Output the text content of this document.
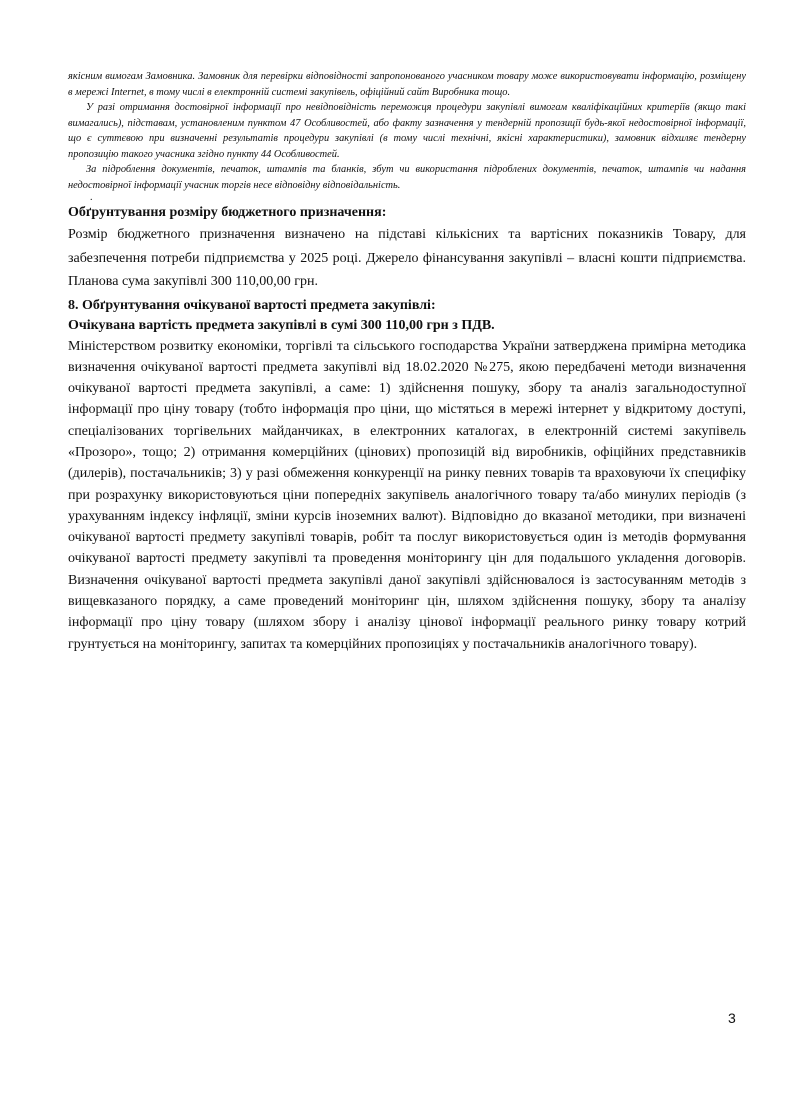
якісним вимогам Замовника. Замовник для перевірки відповідності запропонованого учасником товару може використовувати інформацію, розміщену в мережі Internet, в тому числі в електронній системі закупівель, офіційний сайт Виробника тощо.

У разі отримання достовірної інформації про невідповідність переможця процедури закупівлі вимогам кваліфікаційних критеріїв (якщо такі вимагались), підставам, установленим пунктом 47 Особливостей, або факту зазначення у тендерній пропозиції будь-якої недостовірної інформації, що є суттєвою при визначенні результатів процедури закупівлі (в тому числі технічні, якісні характеристики), замовник відхиляє тендерну пропозицію такого учасника згідно пункту 44 Особливостей.

За підроблення документів, печаток, штампів та бланків, збут чи використання підроблених документів, печаток, штампів чи надання недостовірної інформації учасник торгів несе відповідну відповідальність.

.
Обґрунтування розміру бюджетного призначення:

Розмір бюджетного призначення визначено на підставі кількісних та вартісних показників Товару, для забезпечення потреби підприємства у 2025 році. Джерело фінансування закупівлі – власні кошти підприємства. Планова сума закупівлі 300 110,00,00 грн.

8. Обґрунтування очікуваної вартості предмета закупівлі:
Очікувана вартість предмета закупівлі в сумі 300 110,00 грн з ПДВ.

Міністерством розвитку економіки, торгівлі та сільського господарства України затверджена примірна методика визначення очікуваної вартості предмета закупівлі від 18.02.2020 №275, якою передбачені методи визначення очікуваної вартості предмета закупівлі, а саме: 1) здійснення пошуку, збору та аналіз загальнодоступної інформації про ціну товару (тобто інформація про ціни, що містяться в мережі інтернет у відкритому доступі, спеціалізованих торгівельних майданчиках, в електронних каталогах, в електронній системі закупівель «Прозоро», тощо; 2) отримання комерційних (цінових) пропозицій від виробників, офіційних представників (дилерів), постачальників; 3) у разі обмеження конкуренції на ринку певних товарів та враховуючи їх специфіку при розрахунку використовуються ціни попередніх закупівель аналогічного товару та/або минулих періодів (з урахуванням індексу інфляції, зміни курсів іноземних валют). Відповідно до вказаної методики, при визначені очікуваної вартості предмету закупівлі товарів, робіт та послуг використовується один із методів формування очікуваної вартості предмету закупівлі та проведення моніторингу цін для подальшого укладення договорів. Визначення очікуваної вартості предмета закупівлі даної закупівлі здійснювалося із застосуванням методів з вищевказаного порядку, а саме проведений моніторинг цін, шляхом здійснення пошуку, збору та аналізу інформації про ціну товару (шляхом збору і аналізу цінової інформації реального ринку товару котрий грунтується на моніторингу, запитах та комерційних пропозиціях у постачальників аналогічного товару).

3
